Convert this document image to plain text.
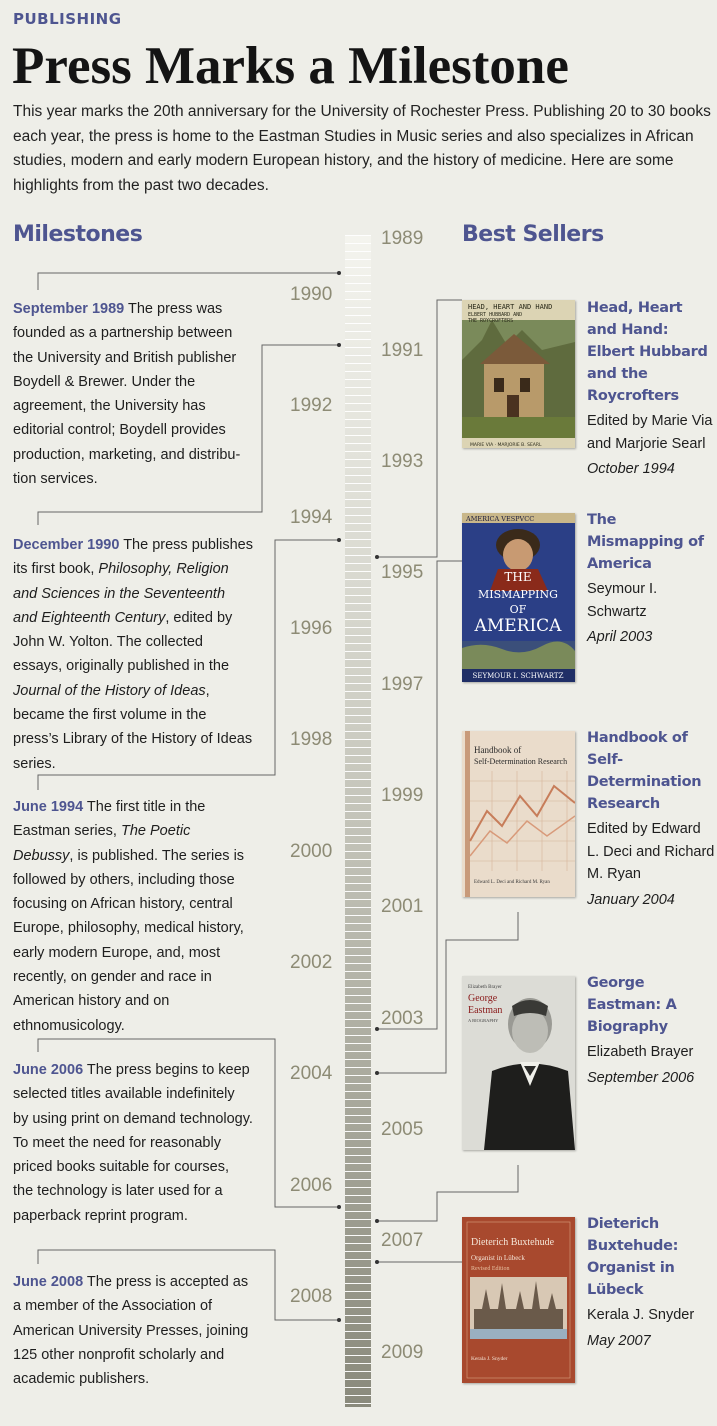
PUBLISHING
Press Marks a Milestone

This year marks the 20th anniversary for the University of Rochester Press. Publishing 20 to 30 books each year, the press is home to the Eastman Studies in Music series and also specializes in African studies, modern and early modern European history, and the history of medicine. Here are some highlights from the past two decades.

Milestones	Best Sellers
1989
1990
1991
1992
1993
1994
1995
1996
1997
1998
1999
2000
2001
2002
2003
2004
2005
2006
2007
2008
2009

September 1989 The press was founded as a partnership between the University and British publisher Boydell & Brewer. Under the agreement, the University has editorial control; Boydell provides production, marketing, and distribution services.

December 1990 The press publishes its first book, Philosophy, Religion and Sciences in the Seventeenth and Eighteenth Century, edited by John W. Yolton. The collected essays, originally published in the Journal of the History of Ideas, became the first volume in the press’s Library of the History of Ideas series.

June 1994 The first title in the Eastman series, The Poetic Debussy, is published. The series is followed by others, including those focusing on African history, central Europe, philosophy, medical history, early modern Europe, and, most recently, on gender and race in American history and on ethnomusicology.

June 2006 The press begins to keep selected titles available indefinitely by using print on demand technology. To meet the need for reasonably priced books suitable for courses, the technology is later used for a paperback reprint program.

June 2008 The press is accepted as a member of the Association of American University Presses, joining 125 other nonprofit scholarly and academic publishers.

HEAD, HEART AND HAND
ELBERT HUBBARD AND
THE ROYCROFTERS
MARIE VIA · MARJORIE B. SEARL
Head, Heart and Hand: Elbert Hubbard and the Roycrofters
Edited by Marie Via and Marjorie Searl
October 1994
AMERICA VESPVCC
THE
MISMAPPING
OF
AMERICA
SEYMOUR I. SCHWARTZ
The Mismapping of America
Seymour I. Schwartz
April 2003
Handbook of
Self-Determination Research
Edward L. Deci and Richard M. Ryan
Handbook of Self-Determination Research
Edited by Edward L. Deci and Richard M. Ryan
January 2004
Elizabeth Brayer
George
Eastman
A BIOGRAPHY
George Eastman: A Biography
Elizabeth Brayer
September 2006
Dieterich Buxtehude
Organist in Lübeck
Revised Edition
Kerala J. Snyder
Dieterich Buxtehude: Organist in Lübeck
Kerala J. Snyder
May 2007
